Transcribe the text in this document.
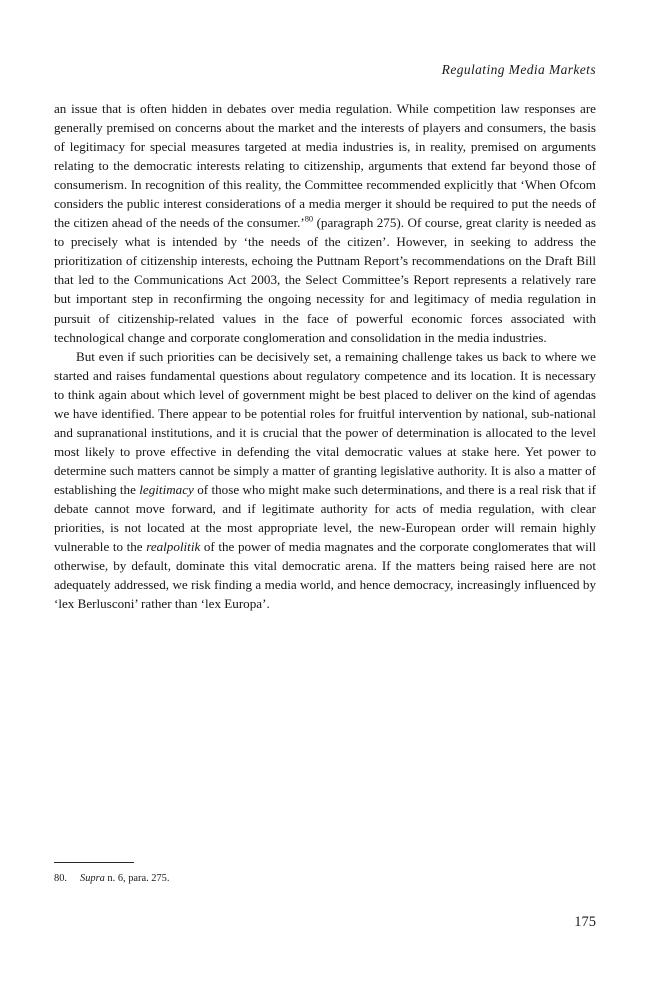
Regulating Media Markets

an issue that is often hidden in debates over media regulation. While competition law responses are generally premised on concerns about the market and the interests of players and consumers, the basis of legitimacy for special measures targeted at media industries is, in reality, premised on arguments relating to the democratic interests relating to citizenship, arguments that extend far beyond those of consumerism. In recognition of this reality, the Committee recommended explicitly that ‘When Ofcom considers the public interest considerations of a media merger it should be required to put the needs of the citizen ahead of the needs of the consumer.’$^{80}$ (paragraph 275). Of course, great clarity is needed as to precisely what is intended by ‘the needs of the citizen’. However, in seeking to address the prioritization of citizenship interests, echoing the Puttnam Report’s recommendations on the Draft Bill that led to the Communications Act 2003, the Select Committee’s Report represents a relatively rare but important step in reconfirming the ongoing necessity for and legitimacy of media regulation in pursuit of citizenship-related values in the face of powerful economic forces associated with technological change and corporate conglomeration and consolidation in the media industries.

But even if such priorities can be decisively set, a remaining challenge takes us back to where we started and raises fundamental questions about regulatory competence and its location. It is necessary to think again about which level of government might be best placed to deliver on the kind of agendas we have identified. There appear to be potential roles for fruitful intervention by national, sub-national and supranational institutions, and it is crucial that the power of determination is allocated to the level most likely to prove effective in defending the vital democratic values at stake here. Yet power to determine such matters cannot be simply a matter of granting legislative authority. It is also a matter of establishing the legitimacy of those who might make such determinations, and there is a real risk that if debate cannot move forward, and if legitimate authority for acts of media regulation, with clear priorities, is not located at the most appropriate level, the new-European order will remain highly vulnerable to the realpolitik of the power of media magnates and the corporate conglomerates that will otherwise, by default, dominate this vital democratic arena. If the matters being raised here are not adequately addressed, we risk finding a media world, and hence democracy, increasingly influenced by ‘lex Berlusconi’ rather than ‘lex Europa’.

80. Supra n. 6, para. 275.
175
